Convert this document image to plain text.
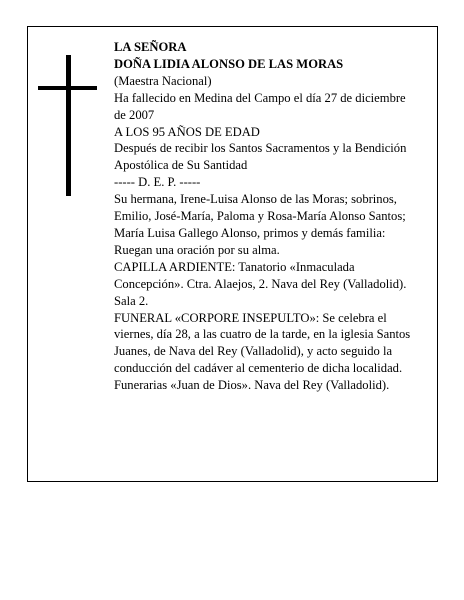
LA SEÑORA
DOÑA LIDIA ALONSO DE LAS MORAS
(Maestra Nacional)
Ha fallecido en Medina del Campo el día 27 de diciembre de 2007
A LOS 95 AÑOS DE EDAD
Después de recibir los Santos Sacramentos y la Bendición Apostólica de Su Santidad
----- D. E. P. -----
Su hermana, Irene-Luisa Alonso de las Moras; sobrinos, Emilio, José-María, Paloma y Rosa-María Alonso Santos; María Luisa Gallego Alonso, primos y demás familia:
Ruegan una oración por su alma.
CAPILLA ARDIENTE: Tanatorio «Inmaculada Concepción». Ctra. Alaejos, 2. Nava del Rey (Valladolid). Sala 2.
FUNERAL «CORPORE INSEPULTO»: Se celebra el viernes, día 28, a las cuatro de la tarde, en la iglesia Santos Juanes, de Nava del Rey (Valladolid), y acto seguido la conducción del cadáver al cementerio de dicha localidad.
Funerarias «Juan de Dios». Nava del Rey (Valladolid).
